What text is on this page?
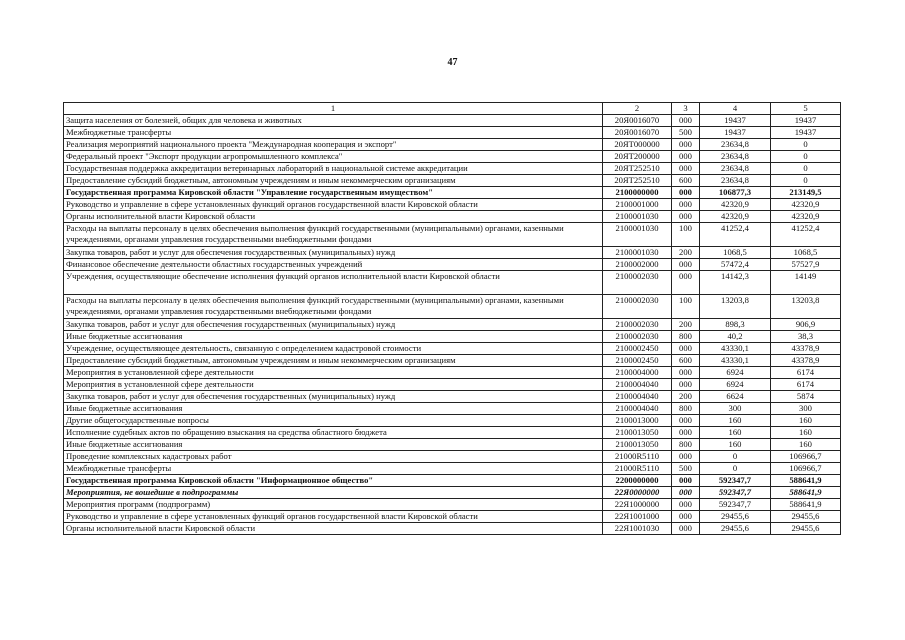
47
1	2	3	4	5
Защита населения от болезней, общих для человека и животных	20Я0016070	000	19437	19437
Межбюджетные трансферты	20Я0016070	500	19437	19437
Реализация мероприятий национального проекта "Международная кооперация и экспорт"	20ЯТ000000	000	23634,8	0
Федеральный проект "Экспорт продукции агропромышленного комплекса"	20ЯТ200000	000	23634,8	0
Государственная поддержка аккредитации ветеринарных лабораторий в национальной системе аккредитации	20ЯТ252510	000	23634,8	0
Предоставление субсидий бюджетным, автономным учреждениям и иным некоммерческим организациям	20ЯТ252510	600	23634,8	0
Государственная программа Кировской области "Управление государственным имуществом"	2100000000	000	106877,3	213149,5
Руководство и управление в сфере установленных функций органов государственной власти Кировской области	2100001000	000	42320,9	42320,9
Органы исполнительной власти Кировской области	2100001030	000	42320,9	42320,9
Расходы на выплаты персоналу в целях обеспечения выполнения функций государственными (муниципальными) органами, казенными учреждениями, органами управления государственными внебюджетными фондами	2100001030	100	41252,4	41252,4
Закупка товаров, работ и услуг для обеспечения государственных (муниципальных) нужд	2100001030	200	1068,5	1068,5
Финансовое обеспечение деятельности областных государственных учреждений	2100002000	000	57472,4	57527,9
Учреждения, осуществляющие обеспечение исполнения функций органов исполнительной власти Кировской области	2100002030	000	14142,3	14149
Расходы на выплаты персоналу в целях обеспечения выполнения функций государственными (муниципальными) органами, казенными учреждениями, органами управления государственными внебюджетными фондами	2100002030	100	13203,8	13203,8
Закупка товаров, работ и услуг для обеспечения государственных (муниципальных) нужд	2100002030	200	898,3	906,9
Иные бюджетные ассигнования	2100002030	800	40,2	38,3
Учреждение, осуществляющее деятельность, связанную с определением кадастровой стоимости	2100002450	000	43330,1	43378,9
Предоставление субсидий бюджетным, автономным учреждениям и иным некоммерческим организациям	2100002450	600	43330,1	43378,9
Мероприятия в установленной сфере деятельности	2100004000	000	6924	6174
Мероприятия в установленной сфере деятельности	2100004040	000	6924	6174
Закупка товаров, работ и услуг для обеспечения государственных (муниципальных) нужд	2100004040	200	6624	5874
Иные бюджетные ассигнования	2100004040	800	300	300
Другие общегосударственные вопросы	2100013000	000	160	160
Исполнение судебных актов по обращению взыскания на средства областного бюджета	2100013050	000	160	160
Иные бюджетные ассигнования	2100013050	800	160	160
Проведение комплексных кадастровых работ	21000R5110	000	0	106966,7
Межбюджетные трансферты	21000R5110	500	0	106966,7
Государственная программа Кировской области "Информационное общество"	2200000000	000	592347,7	588641,9
Мероприятия, не вошедшие в подпрограммы	22Я0000000	000	592347,7	588641,9
Мероприятия программ (подпрограмм)	22Я1000000	000	592347,7	588641,9
Руководство и управление в сфере установленных функций органов государственной власти Кировской области	22Я1001000	000	29455,6	29455,6
Органы исполнительной власти Кировской области	22Я1001030	000	29455,6	29455,6
